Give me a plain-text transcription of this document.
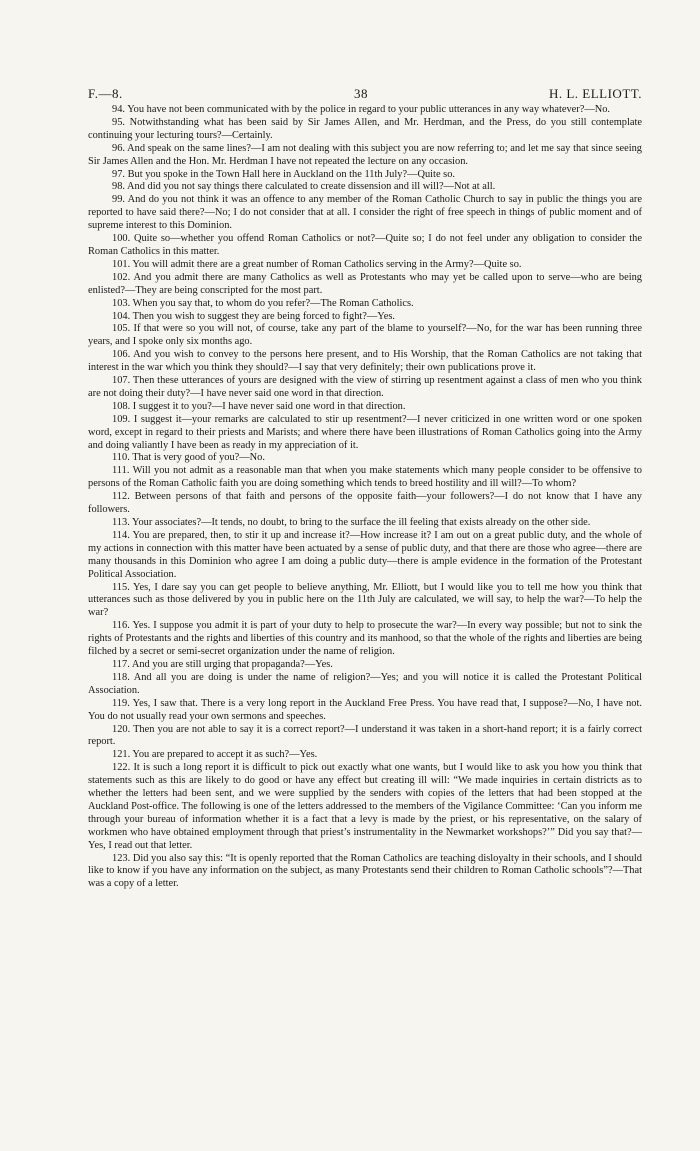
F.—8.	38	H. L. ELLIOTT.

94. You have not been communicated with by the police in regard to your public utterances in any way whatever?—No.

95. Notwithstanding what has been said by Sir James Allen, and Mr. Herdman, and the Press, do you still contemplate continuing your lecturing tours?—Certainly.

96. And speak on the same lines?—I am not dealing with this subject you are now referring to; and let me say that since seeing Sir James Allen and the Hon. Mr. Herdman I have not repeated the lecture on any occasion.

97. But you spoke in the Town Hall here in Auckland on the 11th July?—Quite so.

98. And did you not say things there calculated to create dissension and ill will?—Not at all.

99. And do you not think it was an offence to any member of the Roman Catholic Church to say in public the things you are reported to have said there?—No; I do not consider that at all. I consider the right of free speech in things of public moment and of supreme interest to this Dominion.

100. Quite so—whether you offend Roman Catholics or not?—Quite so; I do not feel under any obligation to consider the Roman Catholics in this matter.

101. You will admit there are a great number of Roman Catholics serving in the Army?—Quite so.

102. And you admit there are many Catholics as well as Protestants who may yet be called upon to serve—who are being enlisted?—They are being conscripted for the most part.

103. When you say that, to whom do you refer?—The Roman Catholics.

104. Then you wish to suggest they are being forced to fight?—Yes.

105. If that were so you will not, of course, take any part of the blame to yourself?—No, for the war has been running three years, and I spoke only six months ago.

106. And you wish to convey to the persons here present, and to His Worship, that the Roman Catholics are not taking that interest in the war which you think they should?—I say that very definitely; their own publications prove it.

107. Then these utterances of yours are designed with the view of stirring up resentment against a class of men who you think are not doing their duty?—I have never said one word in that direction.

108. I suggest it to you?—I have never said one word in that direction.

109. I suggest it—your remarks are calculated to stir up resentment?—I never criticized in one written word or one spoken word, except in regard to their priests and Marists; and where there have been illustrations of Roman Catholics going into the Army and doing valiantly I have been as ready in my appreciation of it.

110. That is very good of you?—No.

111. Will you not admit as a reasonable man that when you make statements which many people consider to be offensive to persons of the Roman Catholic faith you are doing something which tends to breed hostility and ill will?—To whom?

112. Between persons of that faith and persons of the opposite faith—your followers?—I do not know that I have any followers.

113. Your associates?—It tends, no doubt, to bring to the surface the ill feeling that exists already on the other side.

114. You are prepared, then, to stir it up and increase it?—How increase it? I am out on a great public duty, and the whole of my actions in connection with this matter have been actuated by a sense of public duty, and that there are those who agree—there are many thousands in this Dominion who agree I am doing a public duty—there is ample evidence in the formation of the Protestant Political Association.

115. Yes, I dare say you can get people to believe anything, Mr. Elliott, but I would like you to tell me how you think that utterances such as those delivered by you in public here on the 11th July are calculated, we will say, to help the war?—To help the war?

116. Yes. I suppose you admit it is part of your duty to help to prosecute the war?—In every way possible; but not to sink the rights of Protestants and the rights and liberties of this country and its manhood, so that the whole of the rights and liberties are being filched by a secret or semi-secret organization under the name of religion.

117. And you are still urging that propaganda?—Yes.

118. And all you are doing is under the name of religion?—Yes; and you will notice it is called the Protestant Political Association.

119. Yes, I saw that. There is a very long report in the Auckland Free Press. You have read that, I suppose?—No, I have not. You do not usually read your own sermons and speeches.

120. Then you are not able to say it is a correct report?—I understand it was taken in a short-hand report; it is a fairly correct report.

121. You are prepared to accept it as such?—Yes.

122. It is such a long report it is difficult to pick out exactly what one wants, but I would like to ask you how you think that statements such as this are likely to do good or have any effect but creating ill will: “We made inquiries in certain districts as to whether the letters had been sent, and we were supplied by the senders with copies of the letters that had been stopped at the Auckland Post-office. The following is one of the letters addressed to the members of the Vigilance Committee: ‘Can you inform me through your bureau of information whether it is a fact that a levy is made by the priest, or his representative, on the salary of workmen who have obtained employment through that priest’s instrumentality in the Newmarket workshops?’” Did you say that?—Yes, I read out that letter.

123. Did you also say this: “It is openly reported that the Roman Catholics are teaching disloyalty in their schools, and I should like to know if you have any information on the subject, as many Protestants send their children to Roman Catholic schools”?—That was a copy of a letter.
